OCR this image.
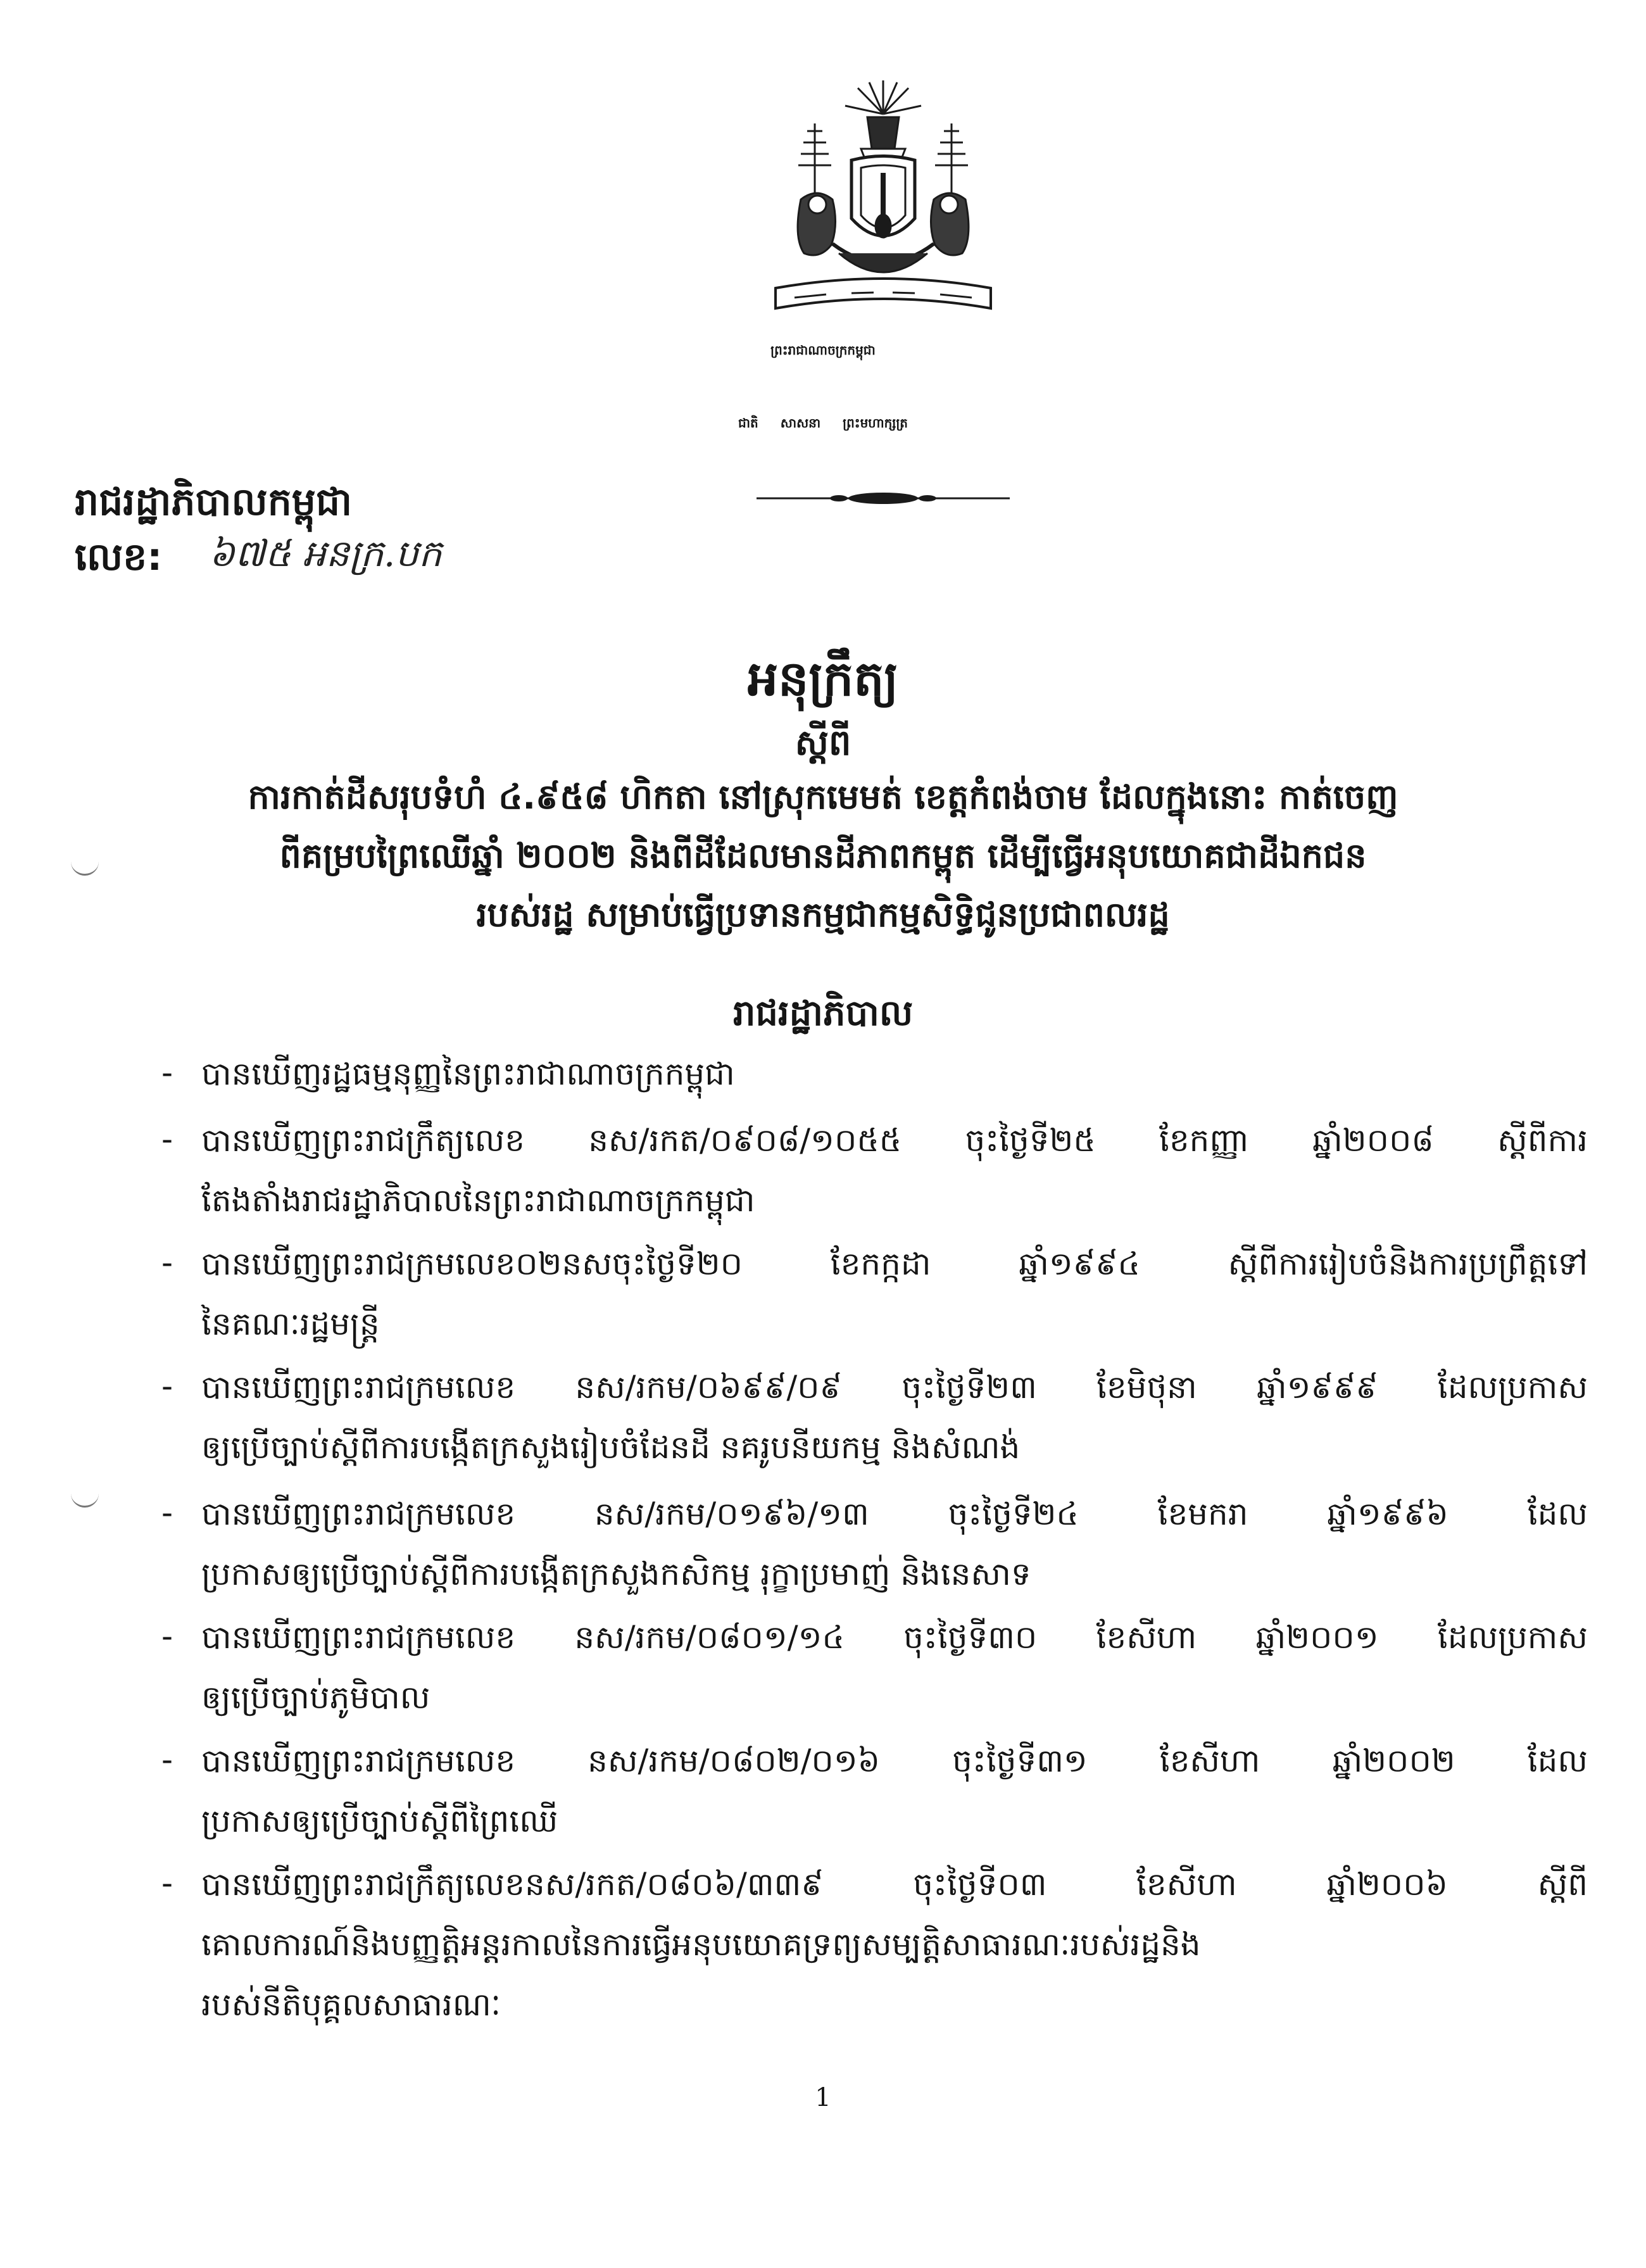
ព្រះរាជាណាចក្រកម្ពុជា
ជាតិ សាសនា ព្រះមហាក្សត្រ
រាជរដ្ឋាភិបាលកម្ពុជា
លេខ: ៦៧៥ អនក្រ.បក
អនុក្រឹត្យ
ស្តីពី
ការកាត់ដីសរុបទំហំ ៤.៩៥៨ ហិកតា នៅស្រុកមេមត់ ខេត្តកំពង់ចាម ដែលក្នុងនោះ កាត់ចេញ
ពីគម្របព្រៃឈើឆ្នាំ ២០០២ និងពីដីដែលមានដីភាពកម្ពុត ដើម្បីធ្វើអនុបយោគជាដីឯកជន
របស់រដ្ឋ សម្រាប់ធ្វើប្រទានកម្មជាកម្មសិទ្ធិជូនប្រជាពលរដ្ឋ
រាជរដ្ឋាភិបាល
- បានឃើញរដ្ឋធម្មនុញ្ញនៃព្រះរាជាណាចក្រកម្ពុជា
- បានឃើញព្រះរាជក្រឹត្យលេខ នស/រកត/០៩០៨/១០៥៥ ចុះថ្ងៃទី២៥ ខែកញ្ញា ឆ្នាំ២០០៨ ស្តីពីការ
តែងតាំងរាជរដ្ឋាភិបាលនៃព្រះរាជាណាចក្រកម្ពុជា
- បានឃើញព្រះរាជក្រមលេខ០២នសចុះថ្ងៃទី២០	ខែកក្កដា	ឆ្នាំ១៩៩៤	ស្តីពីការរៀបចំនិងការប្រព្រឹត្តទៅ
នៃគណៈរដ្ឋមន្ត្រី
- បានឃើញព្រះរាជក្រមលេខ នស/រកម/០៦៩៩/០៩ ចុះថ្ងៃទី២៣ ខែមិថុនា ឆ្នាំ១៩៩៩ ដែលប្រកាស
ឲ្យប្រើច្បាប់ស្តីពីការបង្កើតក្រសួងរៀបចំដែនដី នគរូបនីយកម្ម និងសំណង់
- បានឃើញព្រះរាជក្រមលេខ នស/រកម/០១៩៦/១៣ ចុះថ្ងៃទី២៤ ខែមករា ឆ្នាំ១៩៩៦ ដែល
ប្រកាសឲ្យប្រើច្បាប់ស្តីពីការបង្កើតក្រសួងកសិកម្ម រុក្ខាប្រមាញ់ និងនេសាទ
- បានឃើញព្រះរាជក្រមលេខ នស/រកម/០៨០១/១៤ ចុះថ្ងៃទី៣០ ខែសីហា ឆ្នាំ២០០១ ដែលប្រកាស
ឲ្យប្រើច្បាប់ភូមិបាល
- បានឃើញព្រះរាជក្រមលេខ នស/រកម/០៨០២/០១៦ ចុះថ្ងៃទី៣១ ខែសីហា ឆ្នាំ២០០២ ដែល
ប្រកាសឲ្យប្រើច្បាប់ស្តីពីព្រៃឈើ
- បានឃើញព្រះរាជក្រឹត្យលេខនស/រកត/០៨០៦/៣៣៩	ចុះថ្ងៃទី០៣	ខែសីហា	ឆ្នាំ២០០៦	ស្តីពី
គោលការណ៍និងបញ្ញត្តិអន្តរកាលនៃការធ្វើអនុបយោគទ្រព្យសម្បត្តិសាធារណៈរបស់រដ្ឋនិង
របស់នីតិបុគ្គលសាធារណៈ
1
